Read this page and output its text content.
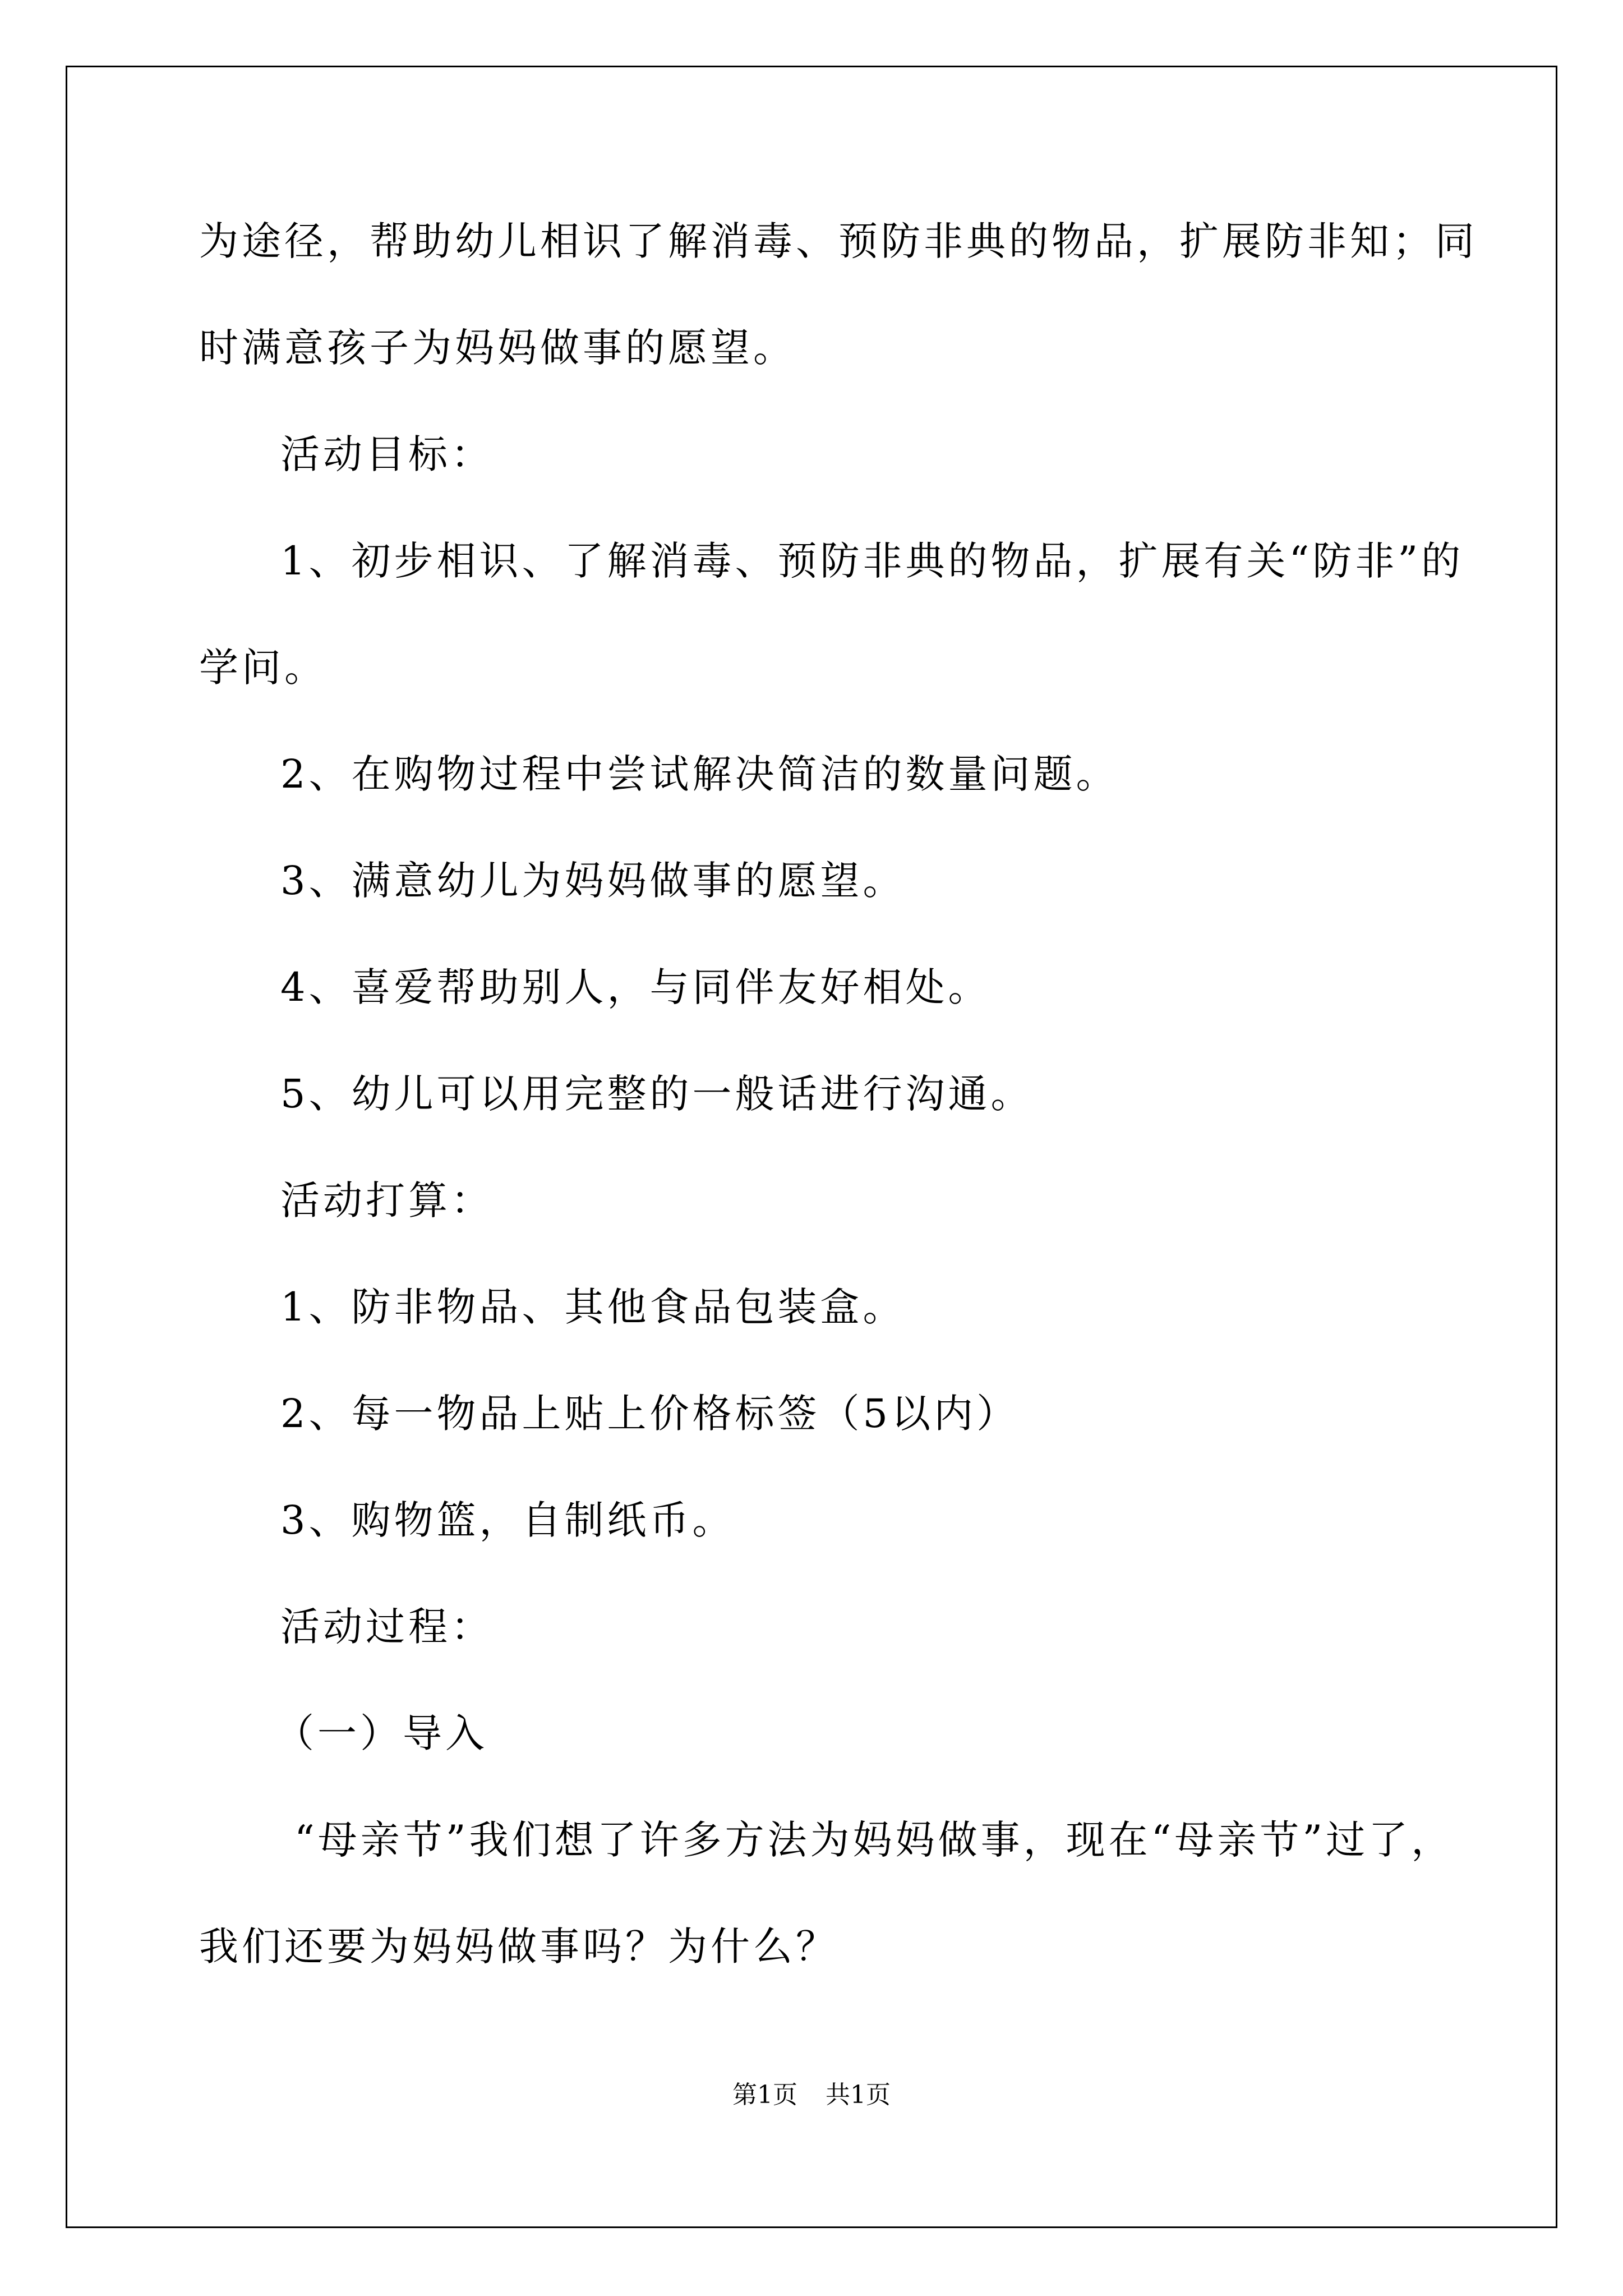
为途径，帮助幼儿相识了解消毒、预防非典的物品，扩展防非知；同
时满意孩子为妈妈做事的愿望。
活动目标：
1、初步相识、了解消毒、预防非典的物品，扩展有关“防非”的
学问。
2、在购物过程中尝试解决简洁的数量问题。
3、满意幼儿为妈妈做事的愿望。
4、喜爱帮助别人，与同伴友好相处。
5、幼儿可以用完整的一般话进行沟通。
活动打算：
1、防非物品、其他食品包装盒。
2、每一物品上贴上价格标签（5以内）
3、购物篮，自制纸币。
活动过程：
（一）导入
“母亲节”我们想了许多方法为妈妈做事，现在“母亲节”过了，
我们还要为妈妈做事吗？为什么？
第1页 共1页
